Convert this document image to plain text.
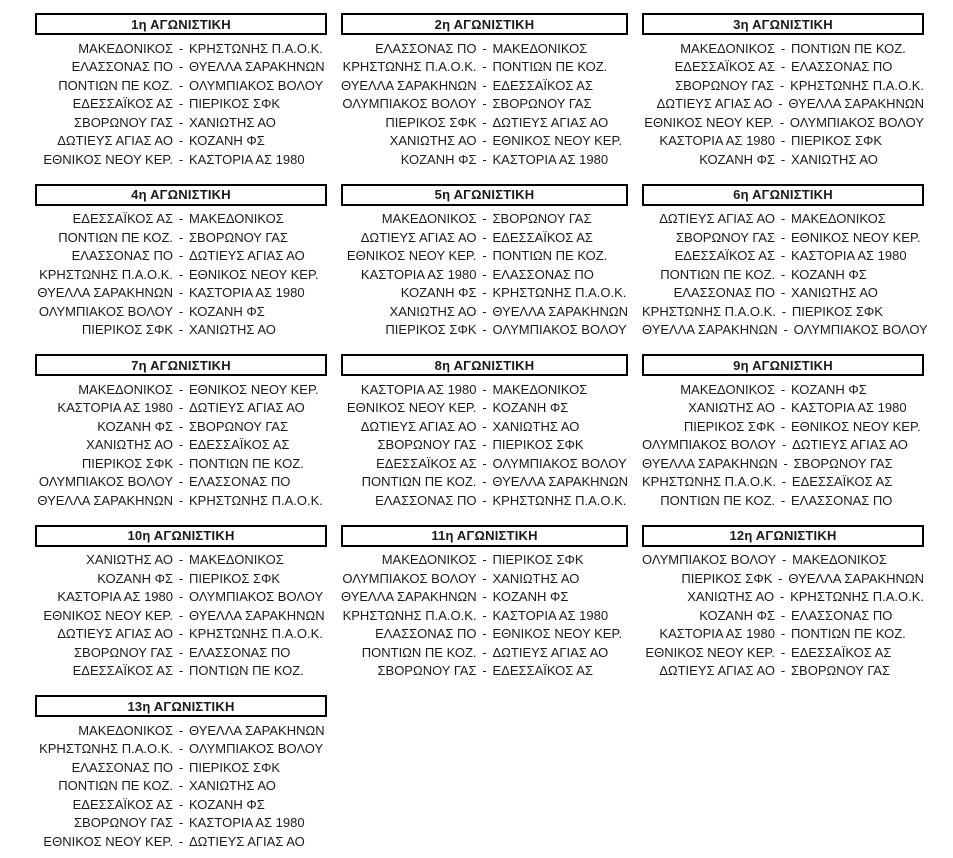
1η ΑΓΩΝΙΣΤΙΚΗ
ΜΑΚΕΔΟΝΙΚΟΣ - ΚΡΗΣΤΩΝΗΣ Π.Α.Ο.Κ.
ΕΛΑΣΣΟΝΑΣ ΠΟ - ΘΥΕΛΛΑ ΣΑΡΑΚΗΝΩΝ
ΠΟΝΤΙΩΝ ΠΕ ΚΟΖ. - ΟΛΥΜΠΙΑΚΟΣ ΒΟΛΟΥ
ΕΔΕΣΣΑΪΚΟΣ ΑΣ - ΠΙΕΡΙΚΟΣ ΣΦΚ
ΣΒΟΡΩΝΟΥ ΓΑΣ - ΧΑΝΙΩΤΗΣ ΑΟ
ΔΩΤΙΕΥΣ ΑΓΙΑΣ ΑΟ - ΚΟΖΑΝΗ ΦΣ
ΕΘΝΙΚΟΣ ΝΕΟΥ ΚΕΡ. - ΚΑΣΤΟΡΙΑ ΑΣ 1980
2η ΑΓΩΝΙΣΤΙΚΗ
ΕΛΑΣΣΟΝΑΣ ΠΟ - ΜΑΚΕΔΟΝΙΚΟΣ
ΚΡΗΣΤΩΝΗΣ Π.Α.Ο.Κ. - ΠΟΝΤΙΩΝ ΠΕ ΚΟΖ.
ΘΥΕΛΛΑ ΣΑΡΑΚΗΝΩΝ - ΕΔΕΣΣΑΪΚΟΣ ΑΣ
ΟΛΥΜΠΙΑΚΟΣ ΒΟΛΟΥ - ΣΒΟΡΩΝΟΥ ΓΑΣ
ΠΙΕΡΙΚΟΣ ΣΦΚ - ΔΩΤΙΕΥΣ ΑΓΙΑΣ ΑΟ
ΧΑΝΙΩΤΗΣ ΑΟ - ΕΘΝΙΚΟΣ ΝΕΟΥ ΚΕΡ.
ΚΟΖΑΝΗ ΦΣ - ΚΑΣΤΟΡΙΑ ΑΣ 1980
3η ΑΓΩΝΙΣΤΙΚΗ
ΜΑΚΕΔΟΝΙΚΟΣ - ΠΟΝΤΙΩΝ ΠΕ ΚΟΖ.
ΕΔΕΣΣΑΪΚΟΣ ΑΣ - ΕΛΑΣΣΟΝΑΣ ΠΟ
ΣΒΟΡΩΝΟΥ ΓΑΣ - ΚΡΗΣΤΩΝΗΣ Π.Α.Ο.Κ.
ΔΩΤΙΕΥΣ ΑΓΙΑΣ ΑΟ - ΘΥΕΛΛΑ ΣΑΡΑΚΗΝΩΝ
ΕΘΝΙΚΟΣ ΝΕΟΥ ΚΕΡ. - ΟΛΥΜΠΙΑΚΟΣ ΒΟΛΟΥ
ΚΑΣΤΟΡΙΑ ΑΣ 1980 - ΠΙΕΡΙΚΟΣ ΣΦΚ
ΚΟΖΑΝΗ ΦΣ - ΧΑΝΙΩΤΗΣ ΑΟ
4η ΑΓΩΝΙΣΤΙΚΗ
ΕΔΕΣΣΑΪΚΟΣ ΑΣ - ΜΑΚΕΔΟΝΙΚΟΣ
ΠΟΝΤΙΩΝ ΠΕ ΚΟΖ. - ΣΒΟΡΩΝΟΥ ΓΑΣ
ΕΛΑΣΣΟΝΑΣ ΠΟ - ΔΩΤΙΕΥΣ ΑΓΙΑΣ ΑΟ
ΚΡΗΣΤΩΝΗΣ Π.Α.Ο.Κ. - ΕΘΝΙΚΟΣ ΝΕΟΥ ΚΕΡ.
ΘΥΕΛΛΑ ΣΑΡΑΚΗΝΩΝ - ΚΑΣΤΟΡΙΑ ΑΣ 1980
ΟΛΥΜΠΙΑΚΟΣ ΒΟΛΟΥ - ΚΟΖΑΝΗ ΦΣ
ΠΙΕΡΙΚΟΣ ΣΦΚ - ΧΑΝΙΩΤΗΣ ΑΟ
5η ΑΓΩΝΙΣΤΙΚΗ
ΜΑΚΕΔΟΝΙΚΟΣ - ΣΒΟΡΩΝΟΥ ΓΑΣ
ΔΩΤΙΕΥΣ ΑΓΙΑΣ ΑΟ - ΕΔΕΣΣΑΪΚΟΣ ΑΣ
ΕΘΝΙΚΟΣ ΝΕΟΥ ΚΕΡ. - ΠΟΝΤΙΩΝ ΠΕ ΚΟΖ.
ΚΑΣΤΟΡΙΑ ΑΣ 1980 - ΕΛΑΣΣΟΝΑΣ ΠΟ
ΚΟΖΑΝΗ ΦΣ - ΚΡΗΣΤΩΝΗΣ Π.Α.Ο.Κ.
ΧΑΝΙΩΤΗΣ ΑΟ - ΘΥΕΛΛΑ ΣΑΡΑΚΗΝΩΝ
ΠΙΕΡΙΚΟΣ ΣΦΚ - ΟΛΥΜΠΙΑΚΟΣ ΒΟΛΟΥ
6η ΑΓΩΝΙΣΤΙΚΗ
ΔΩΤΙΕΥΣ ΑΓΙΑΣ ΑΟ - ΜΑΚΕΔΟΝΙΚΟΣ
ΣΒΟΡΩΝΟΥ ΓΑΣ - ΕΘΝΙΚΟΣ ΝΕΟΥ ΚΕΡ.
ΕΔΕΣΣΑΪΚΟΣ ΑΣ - ΚΑΣΤΟΡΙΑ ΑΣ 1980
ΠΟΝΤΙΩΝ ΠΕ ΚΟΖ. - ΚΟΖΑΝΗ ΦΣ
ΕΛΑΣΣΟΝΑΣ ΠΟ - ΧΑΝΙΩΤΗΣ ΑΟ
ΚΡΗΣΤΩΝΗΣ Π.Α.Ο.Κ. - ΠΙΕΡΙΚΟΣ ΣΦΚ
ΘΥΕΛΛΑ ΣΑΡΑΚΗΝΩΝ - ΟΛΥΜΠΙΑΚΟΣ ΒΟΛΟΥ
7η ΑΓΩΝΙΣΤΙΚΗ
ΜΑΚΕΔΟΝΙΚΟΣ - ΕΘΝΙΚΟΣ ΝΕΟΥ ΚΕΡ.
ΚΑΣΤΟΡΙΑ ΑΣ 1980 - ΔΩΤΙΕΥΣ ΑΓΙΑΣ ΑΟ
ΚΟΖΑΝΗ ΦΣ - ΣΒΟΡΩΝΟΥ ΓΑΣ
ΧΑΝΙΩΤΗΣ ΑΟ - ΕΔΕΣΣΑΪΚΟΣ ΑΣ
ΠΙΕΡΙΚΟΣ ΣΦΚ - ΠΟΝΤΙΩΝ ΠΕ ΚΟΖ.
ΟΛΥΜΠΙΑΚΟΣ ΒΟΛΟΥ - ΕΛΑΣΣΟΝΑΣ ΠΟ
ΘΥΕΛΛΑ ΣΑΡΑΚΗΝΩΝ - ΚΡΗΣΤΩΝΗΣ Π.Α.Ο.Κ.
8η ΑΓΩΝΙΣΤΙΚΗ
ΚΑΣΤΟΡΙΑ ΑΣ 1980 - ΜΑΚΕΔΟΝΙΚΟΣ
ΕΘΝΙΚΟΣ ΝΕΟΥ ΚΕΡ. - ΚΟΖΑΝΗ ΦΣ
ΔΩΤΙΕΥΣ ΑΓΙΑΣ ΑΟ - ΧΑΝΙΩΤΗΣ ΑΟ
ΣΒΟΡΩΝΟΥ ΓΑΣ - ΠΙΕΡΙΚΟΣ ΣΦΚ
ΕΔΕΣΣΑΪΚΟΣ ΑΣ - ΟΛΥΜΠΙΑΚΟΣ ΒΟΛΟΥ
ΠΟΝΤΙΩΝ ΠΕ ΚΟΖ. - ΘΥΕΛΛΑ ΣΑΡΑΚΗΝΩΝ
ΕΛΑΣΣΟΝΑΣ ΠΟ - ΚΡΗΣΤΩΝΗΣ Π.Α.Ο.Κ.
9η ΑΓΩΝΙΣΤΙΚΗ
ΜΑΚΕΔΟΝΙΚΟΣ - ΚΟΖΑΝΗ ΦΣ
ΧΑΝΙΩΤΗΣ ΑΟ - ΚΑΣΤΟΡΙΑ ΑΣ 1980
ΠΙΕΡΙΚΟΣ ΣΦΚ - ΕΘΝΙΚΟΣ ΝΕΟΥ ΚΕΡ.
ΟΛΥΜΠΙΑΚΟΣ ΒΟΛΟΥ - ΔΩΤΙΕΥΣ ΑΓΙΑΣ ΑΟ
ΘΥΕΛΛΑ ΣΑΡΑΚΗΝΩΝ - ΣΒΟΡΩΝΟΥ ΓΑΣ
ΚΡΗΣΤΩΝΗΣ Π.Α.Ο.Κ. - ΕΔΕΣΣΑΪΚΟΣ ΑΣ
ΠΟΝΤΙΩΝ ΠΕ ΚΟΖ. - ΕΛΑΣΣΟΝΑΣ ΠΟ
10η ΑΓΩΝΙΣΤΙΚΗ
ΧΑΝΙΩΤΗΣ ΑΟ - ΜΑΚΕΔΟΝΙΚΟΣ
ΚΟΖΑΝΗ ΦΣ - ΠΙΕΡΙΚΟΣ ΣΦΚ
ΚΑΣΤΟΡΙΑ ΑΣ 1980 - ΟΛΥΜΠΙΑΚΟΣ ΒΟΛΟΥ
ΕΘΝΙΚΟΣ ΝΕΟΥ ΚΕΡ. - ΘΥΕΛΛΑ ΣΑΡΑΚΗΝΩΝ
ΔΩΤΙΕΥΣ ΑΓΙΑΣ ΑΟ - ΚΡΗΣΤΩΝΗΣ Π.Α.Ο.Κ.
ΣΒΟΡΩΝΟΥ ΓΑΣ - ΕΛΑΣΣΟΝΑΣ ΠΟ
ΕΔΕΣΣΑΪΚΟΣ ΑΣ - ΠΟΝΤΙΩΝ ΠΕ ΚΟΖ.
11η ΑΓΩΝΙΣΤΙΚΗ
ΜΑΚΕΔΟΝΙΚΟΣ - ΠΙΕΡΙΚΟΣ ΣΦΚ
ΟΛΥΜΠΙΑΚΟΣ ΒΟΛΟΥ - ΧΑΝΙΩΤΗΣ ΑΟ
ΘΥΕΛΛΑ ΣΑΡΑΚΗΝΩΝ - ΚΟΖΑΝΗ ΦΣ
ΚΡΗΣΤΩΝΗΣ Π.Α.Ο.Κ. - ΚΑΣΤΟΡΙΑ ΑΣ 1980
ΕΛΑΣΣΟΝΑΣ ΠΟ - ΕΘΝΙΚΟΣ ΝΕΟΥ ΚΕΡ.
ΠΟΝΤΙΩΝ ΠΕ ΚΟΖ. - ΔΩΤΙΕΥΣ ΑΓΙΑΣ ΑΟ
ΣΒΟΡΩΝΟΥ ΓΑΣ - ΕΔΕΣΣΑΪΚΟΣ ΑΣ
12η ΑΓΩΝΙΣΤΙΚΗ
ΟΛΥΜΠΙΑΚΟΣ ΒΟΛΟΥ - ΜΑΚΕΔΟΝΙΚΟΣ
ΠΙΕΡΙΚΟΣ ΣΦΚ - ΘΥΕΛΛΑ ΣΑΡΑΚΗΝΩΝ
ΧΑΝΙΩΤΗΣ ΑΟ - ΚΡΗΣΤΩΝΗΣ Π.Α.Ο.Κ.
ΚΟΖΑΝΗ ΦΣ - ΕΛΑΣΣΟΝΑΣ ΠΟ
ΚΑΣΤΟΡΙΑ ΑΣ 1980 - ΠΟΝΤΙΩΝ ΠΕ ΚΟΖ.
ΕΘΝΙΚΟΣ ΝΕΟΥ ΚΕΡ. - ΕΔΕΣΣΑΪΚΟΣ ΑΣ
ΔΩΤΙΕΥΣ ΑΓΙΑΣ ΑΟ - ΣΒΟΡΩΝΟΥ ΓΑΣ
13η ΑΓΩΝΙΣΤΙΚΗ
ΜΑΚΕΔΟΝΙΚΟΣ - ΘΥΕΛΛΑ ΣΑΡΑΚΗΝΩΝ
ΚΡΗΣΤΩΝΗΣ Π.Α.Ο.Κ. - ΟΛΥΜΠΙΑΚΟΣ ΒΟΛΟΥ
ΕΛΑΣΣΟΝΑΣ ΠΟ - ΠΙΕΡΙΚΟΣ ΣΦΚ
ΠΟΝΤΙΩΝ ΠΕ ΚΟΖ. - ΧΑΝΙΩΤΗΣ ΑΟ
ΕΔΕΣΣΑΪΚΟΣ ΑΣ - ΚΟΖΑΝΗ ΦΣ
ΣΒΟΡΩΝΟΥ ΓΑΣ - ΚΑΣΤΟΡΙΑ ΑΣ 1980
ΕΘΝΙΚΟΣ ΝΕΟΥ ΚΕΡ. - ΔΩΤΙΕΥΣ ΑΓΙΑΣ ΑΟ
